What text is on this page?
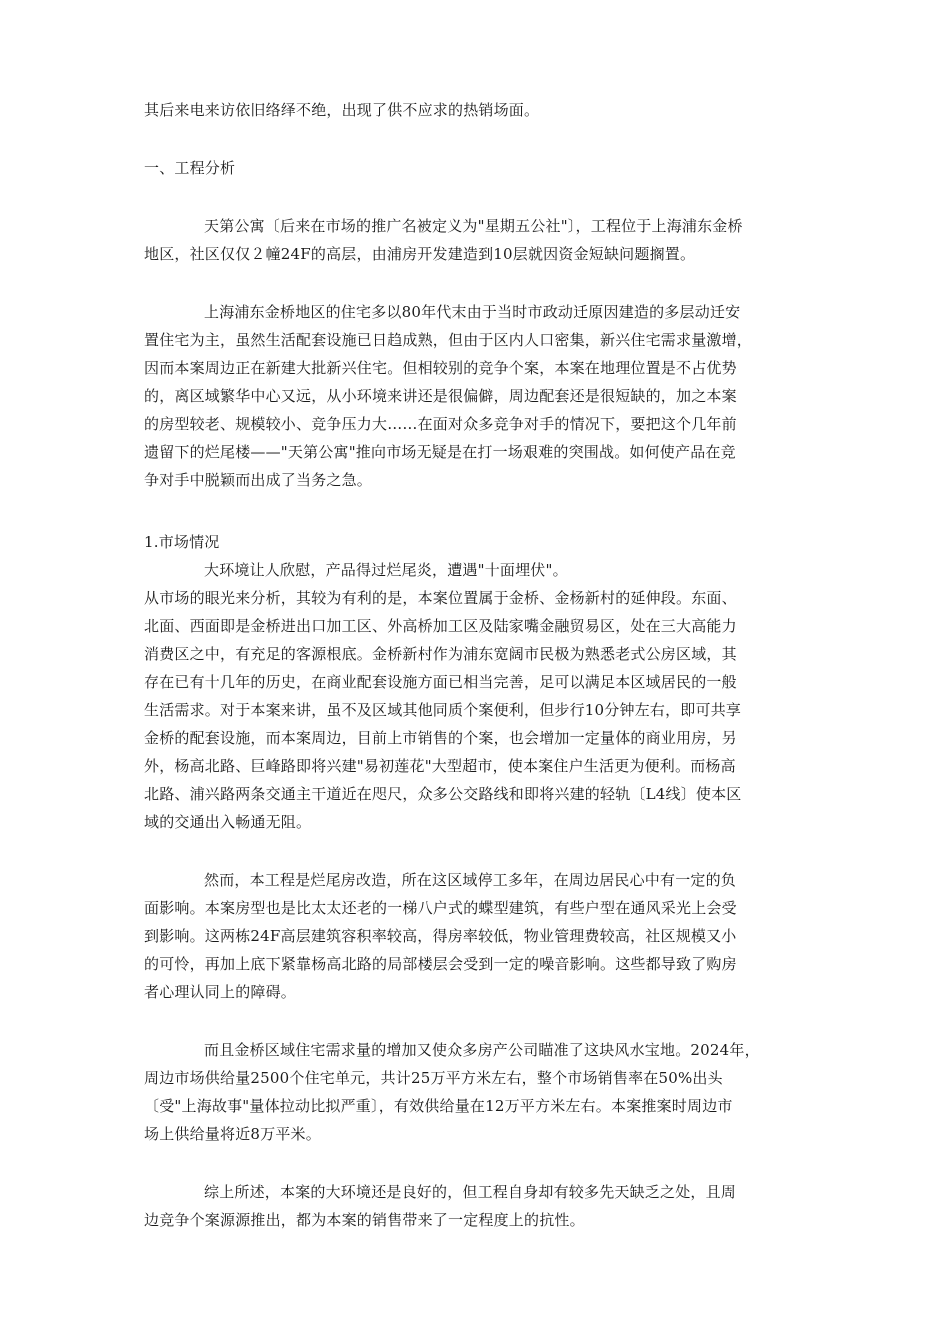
其后来电来访依旧络绎不绝，出现了供不应求的热销场面。
一、工程分析
天第公寓〔后来在市场的推广名被定义为"星期五公社"〕，工程位于上海浦东金桥
地区，社区仅仅２幢24F的高层，由浦房开发建造到10层就因资金短缺问题搁置。
上海浦东金桥地区的住宅多以80年代末由于当时市政动迁原因建造的多层动迁安
置住宅为主，虽然生活配套设施已日趋成熟，但由于区内人口密集，新兴住宅需求量激增，
因而本案周边正在新建大批新兴住宅。但相较别的竞争个案，本案在地理位置是不占优势
的，离区域繁华中心又远，从小环境来讲还是很偏僻，周边配套还是很短缺的，加之本案
的房型较老、规模较小、竞争压力大……在面对众多竞争对手的情况下，要把这个几年前
遗留下的烂尾楼——"天第公寓"推向市场无疑是在打一场艰难的突围战。如何使产品在竞
争对手中脱颖而出成了当务之急。
1.市场情况
大环境让人欣慰，产品得过烂尾炎，遭遇"十面埋伏"。
从市场的眼光来分析，其较为有利的是，本案位置属于金桥、金杨新村的延伸段。东面、
北面、西面即是金桥进出口加工区、外高桥加工区及陆家嘴金融贸易区，处在三大高能力
消费区之中，有充足的客源根底。金桥新村作为浦东宽阔市民极为熟悉老式公房区域，其
存在已有十几年的历史，在商业配套设施方面已相当完善，足可以满足本区域居民的一般
生活需求。对于本案来讲，虽不及区域其他同质个案便利，但步行10分钟左右，即可共享
金桥的配套设施，而本案周边，目前上市销售的个案，也会增加一定量体的商业用房，另
外，杨高北路、巨峰路即将兴建"易初莲花"大型超市，使本案住户生活更为便利。而杨高
北路、浦兴路两条交通主干道近在咫尺，众多公交路线和即将兴建的轻轨〔L4线〕使本区
域的交通出入畅通无阻。
然而，本工程是烂尾房改造，所在这区域停工多年，在周边居民心中有一定的负
面影响。本案房型也是比太太还老的一梯八户式的蝶型建筑，有些户型在通风采光上会受
到影响。这两栋24F高层建筑容积率较高，得房率较低，物业管理费较高，社区规模又小
的可怜，再加上底下紧靠杨高北路的局部楼层会受到一定的噪音影响。这些都导致了购房
者心理认同上的障碍。
而且金桥区域住宅需求量的增加又使众多房产公司瞄准了这块风水宝地。2024年，
周边市场供给量2500个住宅单元，共计25万平方米左右，整个市场销售率在50%出头
〔受"上海故事"量体拉动比拟严重〕，有效供给量在12万平方米左右。本案推案时周边市
场上供给量将近8万平米。
综上所述，本案的大环境还是良好的，但工程自身却有较多先天缺乏之处，且周
边竞争个案源源推出，都为本案的销售带来了一定程度上的抗性。
